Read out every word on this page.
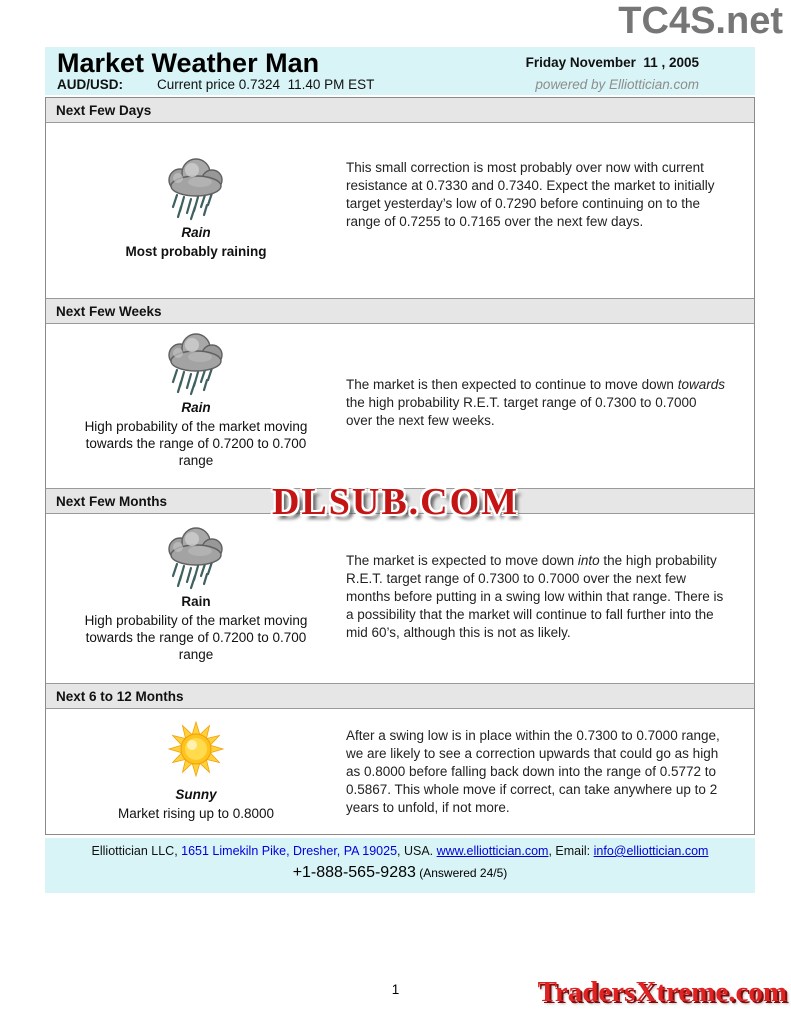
TC4S.net
Market Weather Man	Friday November  11 , 2005
AUD/USD:	Current price 0.7324  11.40 PM EST	powered by Elliottician.com
Next Few Days
Rain
Most probably raining
This small correction is most probably over now with current resistance at 0.7330 and 0.7340. Expect the market to initially target yesterday’s low of 0.7290 before continuing on to the range of 0.7255 to 0.7165 over the next few days.
Next Few Weeks
Rain
High probability of the market moving towards the range of 0.7200 to 0.700 range
The market is then expected to continue to move down towards the high probability R.E.T. target range of 0.7300 to 0.7000 over the next few weeks.
Next Few Months
Rain
High probability of the market moving towards the range of 0.7200 to 0.700 range
The market is expected to move down into the high probability R.E.T. target range of 0.7300 to 0.7000 over the next few months before putting in a swing low within that range. There is a possibility that the market will continue to fall further into the mid 60’s, although this is not as likely.
Next 6 to 12 Months
Sunny
Market rising up to 0.8000
After a swing low is in place within the 0.7300 to 0.7000 range, we are likely to see a correction upwards that could go as high as 0.8000 before falling back down into the range of 0.5772 to 0.5867. This whole move if correct, can take anywhere up to 2 years to unfold, if not more.
DLSUB.COM
Elliottician LLC, 1651 Limekiln Pike, Dresher, PA 19025, USA. www.elliottician.com, Email: info@elliottician.com
+1-888-565-9283 (Answered 24/5)
1	TradersXtreme.com
